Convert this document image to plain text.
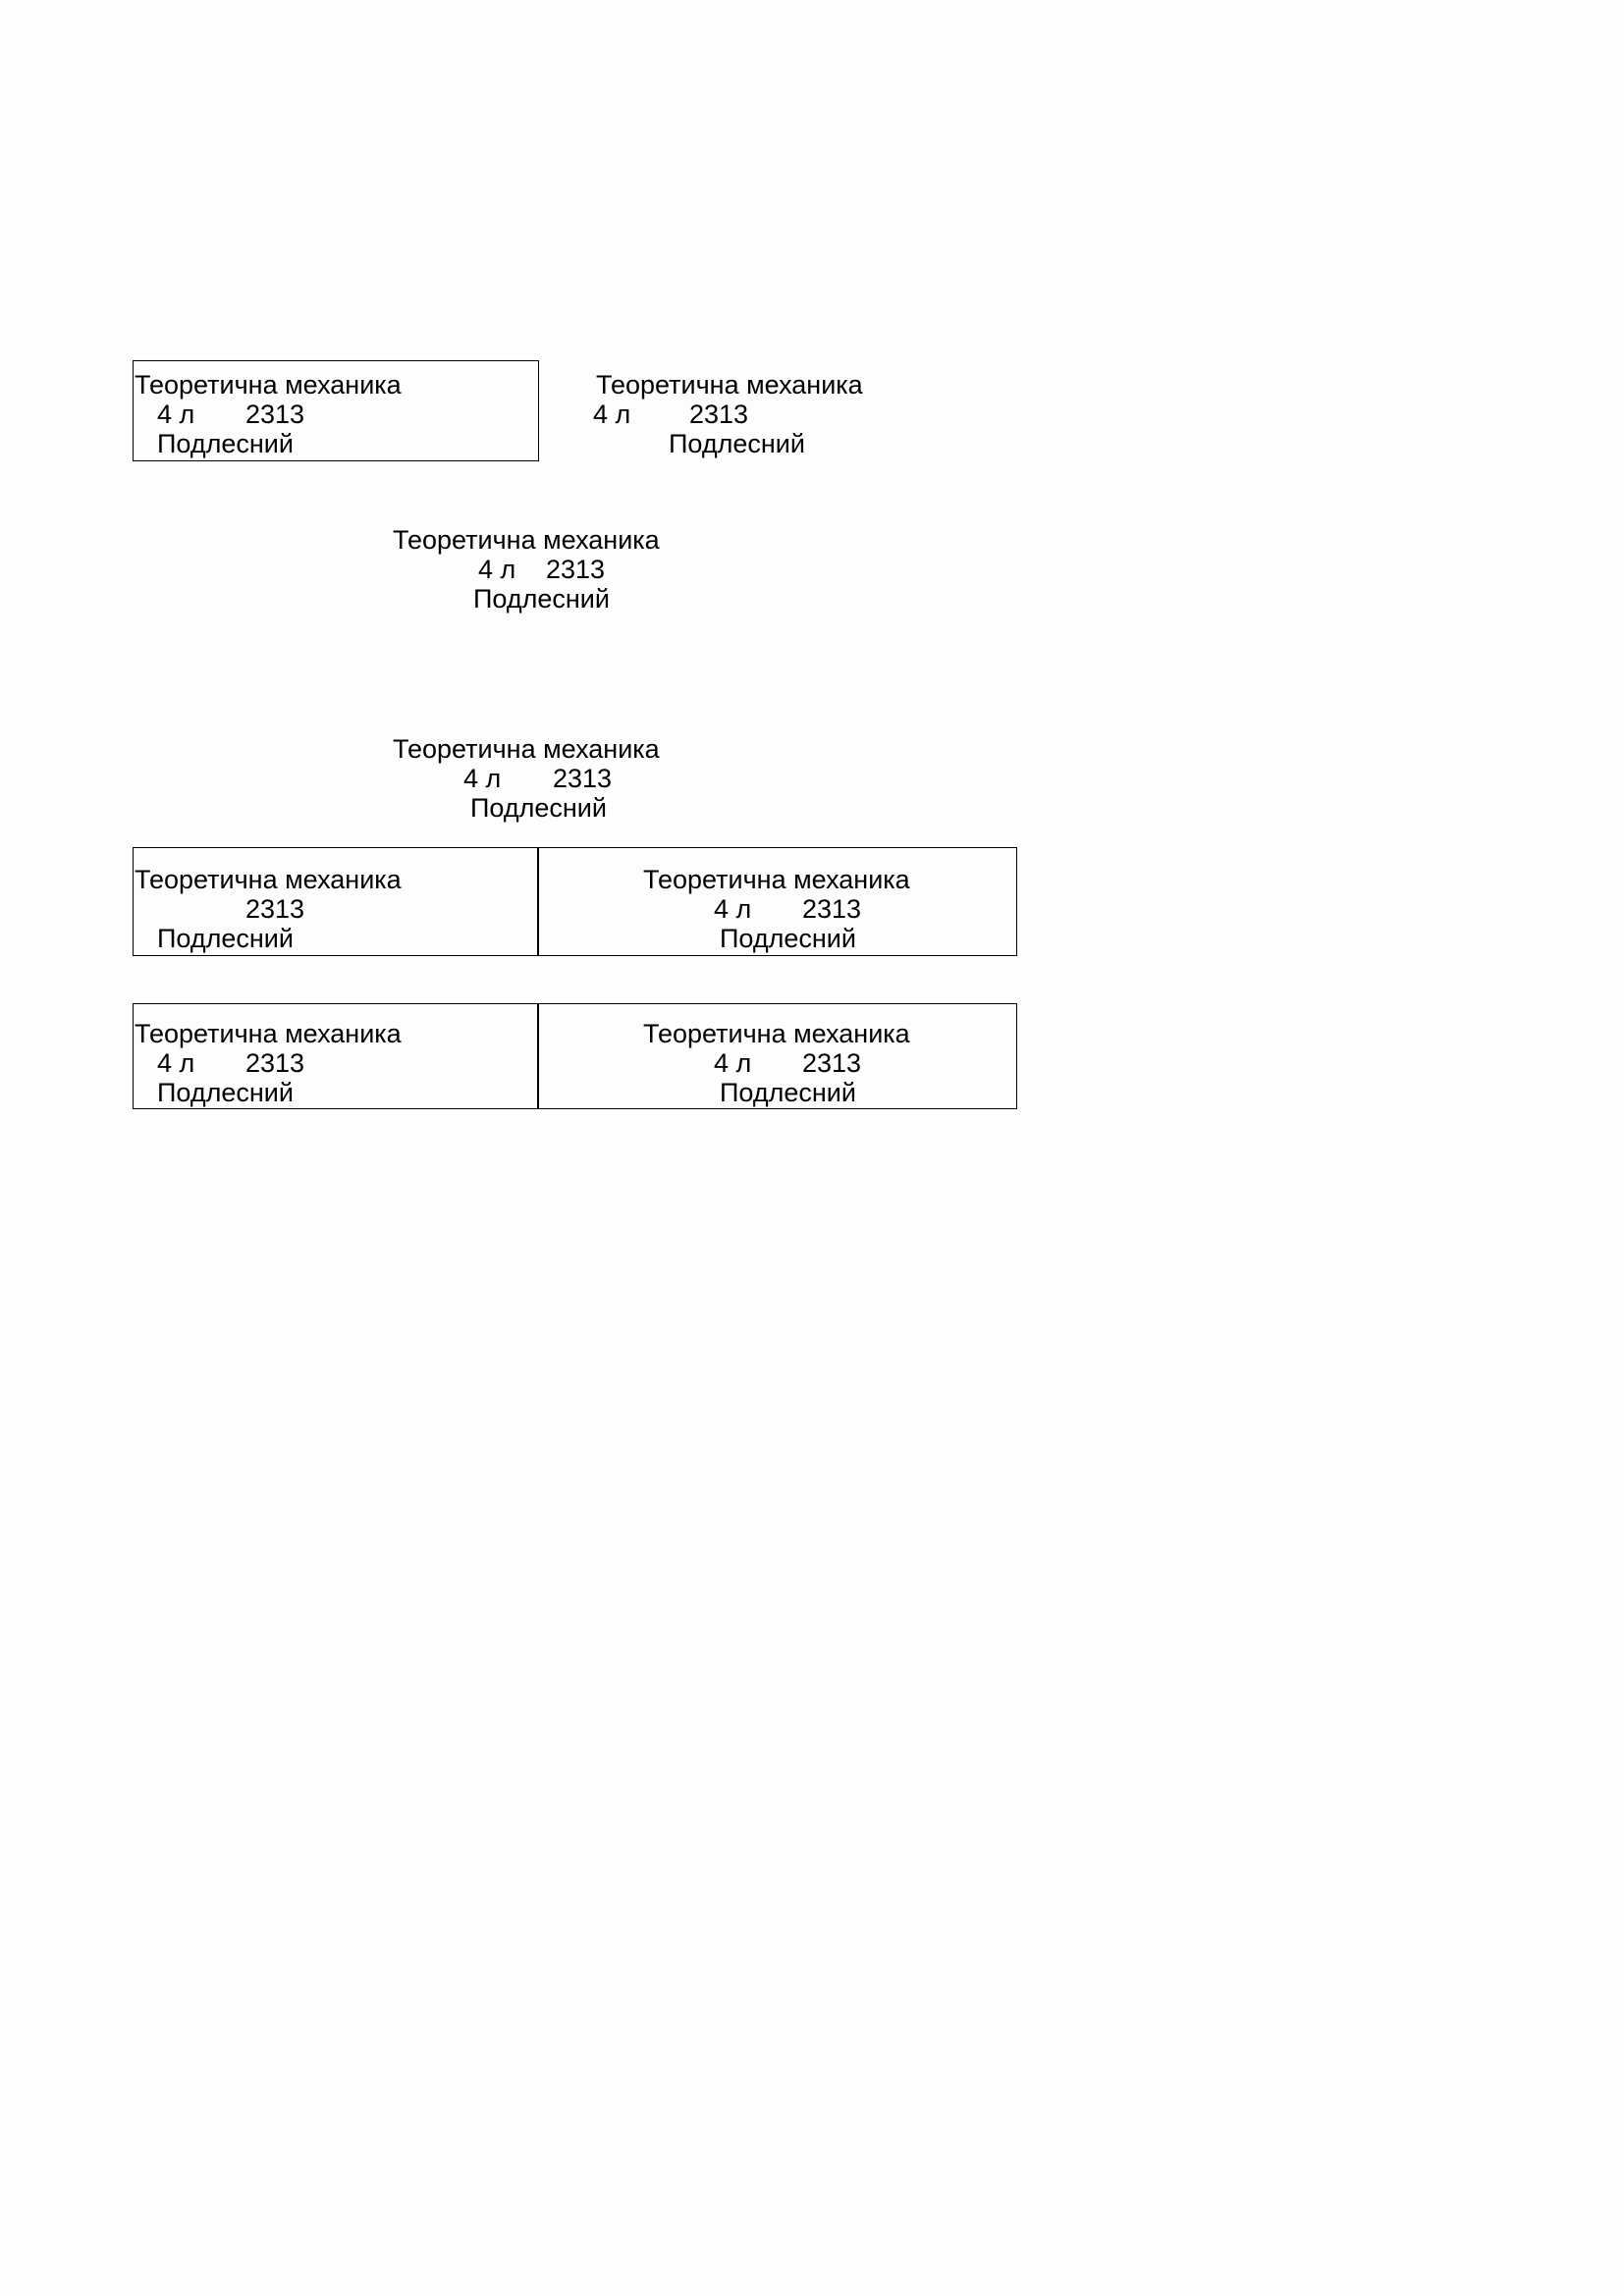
Теоретична механика
4 л 2313
Подлесний
Теоретична механика
4 л 2313
Подлесний
Теоретична механика
4 л 2313
Подлесний
Теоретична механика
4 л 2313
Подлесний
Теоретична механика
2313
Подлесний
Теоретична механика
4 л 2313
Подлесний
Теоретична механика
4 л 2313
Подлесний
Теоретична механика
4 л 2313
Подлесний
